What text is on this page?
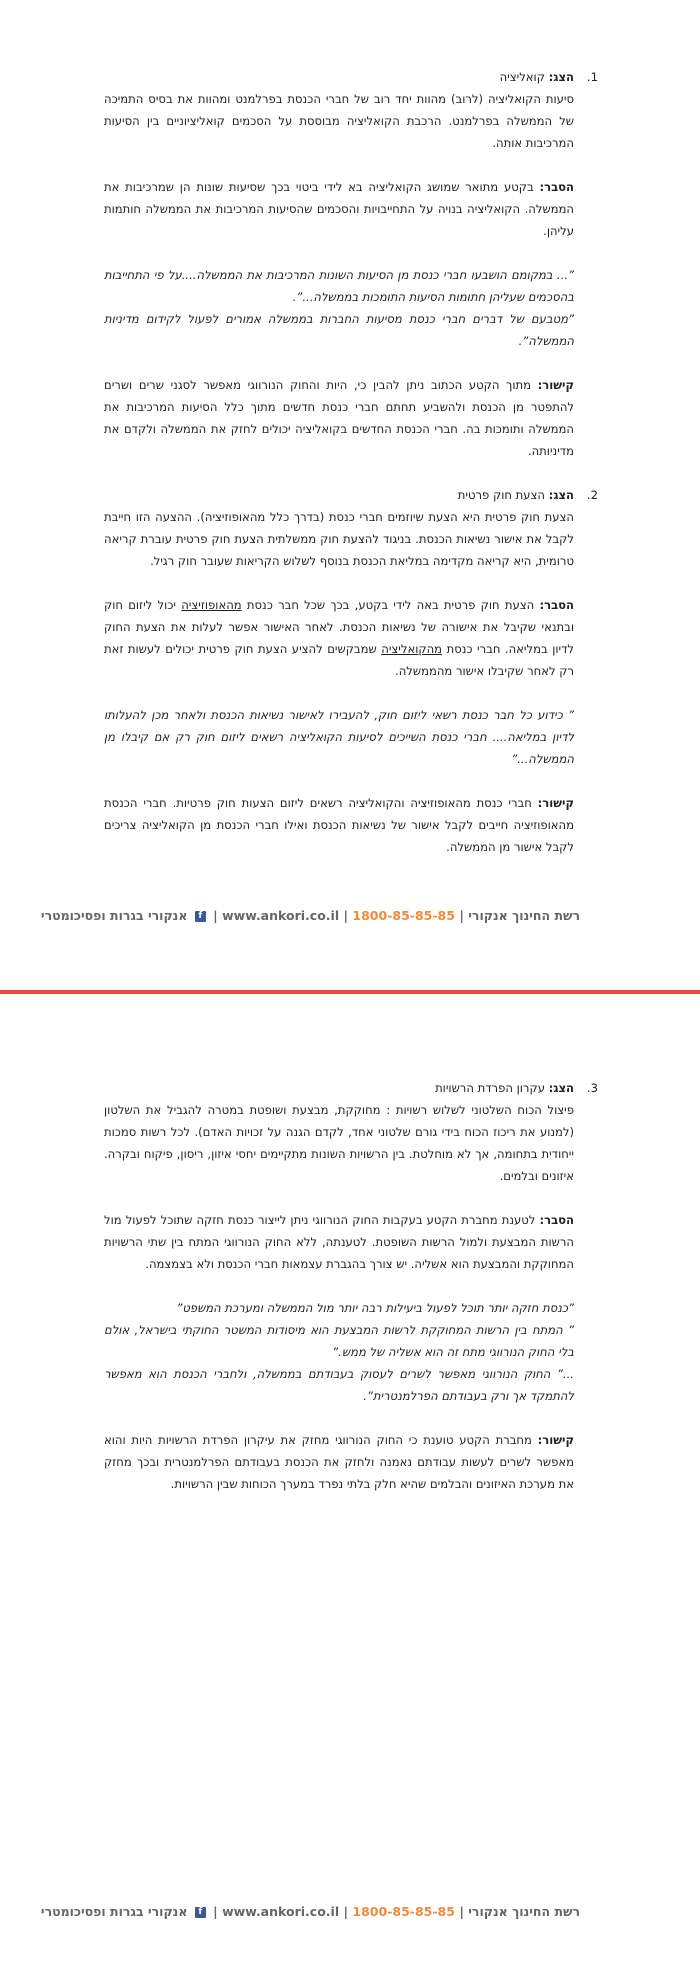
1.
הצג: קואליציה

סיעות הקואליציה (לרוב) מהוות יחד רוב של חברי הכנסת בפרלמנט ומהוות את בסיס התמיכה של הממשלה בפרלמנט. הרכבת הקואליציה מבוססת על הסכמים קואליציוניים בין הסיעות המרכיבות אותה.

הסבר: בקטע מתואר שמושג הקואליציה בא לידי ביטוי בכך שסיעות שונות הן שמרכיבות את הממשלה. הקואליציה בנויה על התחייבויות והסכמים שהסיעות המרכיבות את הממשלה חותמות עליהן.

”... במקומם הושבעו חברי כנסת מן הסיעות השונות המרכיבות את הממשלה....על פי התחייבות בהסכמים שעליהן חתומות הסיעות התומכות בממשלה...”.

”מטבעם של דברים חברי כנסת מסיעות החברות בממשלה אמורים לפעול לקידום מדיניות הממשלה”.

קישור: מתוך הקטע הכתוב ניתן להבין כי, היות והחוק הנורווגי מאפשר לסגני שרים ושרים להתפטר מן הכנסת ולהשביע תחתם חברי כנסת חדשים מתוך כלל הסיעות המרכיבות את הממשלה ותומכות בה. חברי הכנסת החדשים בקואליציה יכולים לחזק את הממשלה ולקדם את מדיניותה.

2.
הצג: הצעת חוק פרטית

הצעת חוק פרטית היא הצעת שיוזמים חברי כנסת (בדרך כלל מהאופוזיציה). ההצעה הזו חייבת לקבל את אישור נשיאות הכנסת. בניגוד להצעת חוק ממשלתית הצעת חוק פרטית עוברת קריאה טרומית, היא קריאה מקדימה במליאת הכנסת בנוסף לשלוש הקריאות שעובר חוק רגיל.

הסבר: הצעת חוק פרטית באה לידי בקטע, בכך שכל חבר כנסת מהאופוזיציה יכול ליזום חוק ובתנאי שקיבל את אישורה של נשיאות הכנסת. לאחר האישור אפשר לעלות את הצעת החוק לדיון במליאה. חברי כנסת מהקואליציה שמבקשים להציע הצעת חוק פרטית יכולים לעשות זאת רק לאחר שקיבלו אישור מהממשלה.

” כידוע כל חבר כנסת רשאי ליזום חוק, להעבירו לאישור נשיאות הכנסת ולאחר מכן להעלותו לדיון במליאה.... חברי כנסת השייכים לסיעות הקואליציה רשאים ליזום חוק רק אם קיבלו מן הממשלה...”

קישור: חברי כנסת מהאופוזיציה והקואליציה רשאים ליזום הצעות חוק פרטיות. חברי הכנסת מהאופוזיציה חייבים לקבל אישור של נשיאות הכנסת ואילו חברי הכנסת מן הקואליציה צריכים לקבל אישור מן הממשלה.

רשת החינוך אנקורי | 1800-85-85-85 | www.ankori.co.il | f אנקורי בגרות ופסיכומטרי
3.
הצג: עקרון הפרדת הרשויות

פיצול הכוח השלטוני לשלוש רשויות : מחוקקת, מבצעת ושופטת במטרה להגביל את השלטון (למנוע את ריכוז הכוח בידי גורם שלטוני אחד, לקדם הגנה על זכויות האדם). לכל רשות סמכות ייחודית בתחומה, אך לא מוחלטת. בין הרשויות השונות מתקיימים יחסי איזון, ריסון, פיקוח ובקרה. איזונים ובלמים.

הסבר: לטענת מחברת הקטע בעקבות החוק הנורווגי ניתן לייצור כנסת חזקה שתוכל לפעול מול הרשות המבצעת ולמול הרשות השופטת. לטענתה, ללא החוק הנורווגי המתח בין שתי הרשויות המחוקקת והמבצעת הוא אשליה. יש צורך בהגברת עצמאות חברי הכנסת ולא בצמצמה.

”כנסת חזקה יותר תוכל לפעול ביעילות רבה יותר מול הממשלה ומערכת המשפט”

” המתח בין הרשות המחוקקת לרשות המבצעת הוא מיסודות המשטר החוקתי בישראל, אולם בלי החוק הנורווגי מתח זה הוא אשליה של ממש.”

...” החוק הנורווגי מאפשר לשרים לעסוק בעבודתם בממשלה, ולחברי הכנסת הוא מאפשר להתמקד אך ורק בעבודתם הפרלמנטרית”.

קישור: מחברת הקטע טוענת כי החוק הנורווגי מחזק את עיקרון הפרדת הרשויות היות והוא מאפשר לשרים לעשות עבודתם נאמנה ולחזק את הכנסת בעבודתם הפרלמנטרית ובכך מחזק את מערכת האיזונים והבלמים שהיא חלק בלתי נפרד במערך הכוחות שבין הרשויות.

רשת החינוך אנקורי | 1800-85-85-85 | www.ankori.co.il | f אנקורי בגרות ופסיכומטרי
